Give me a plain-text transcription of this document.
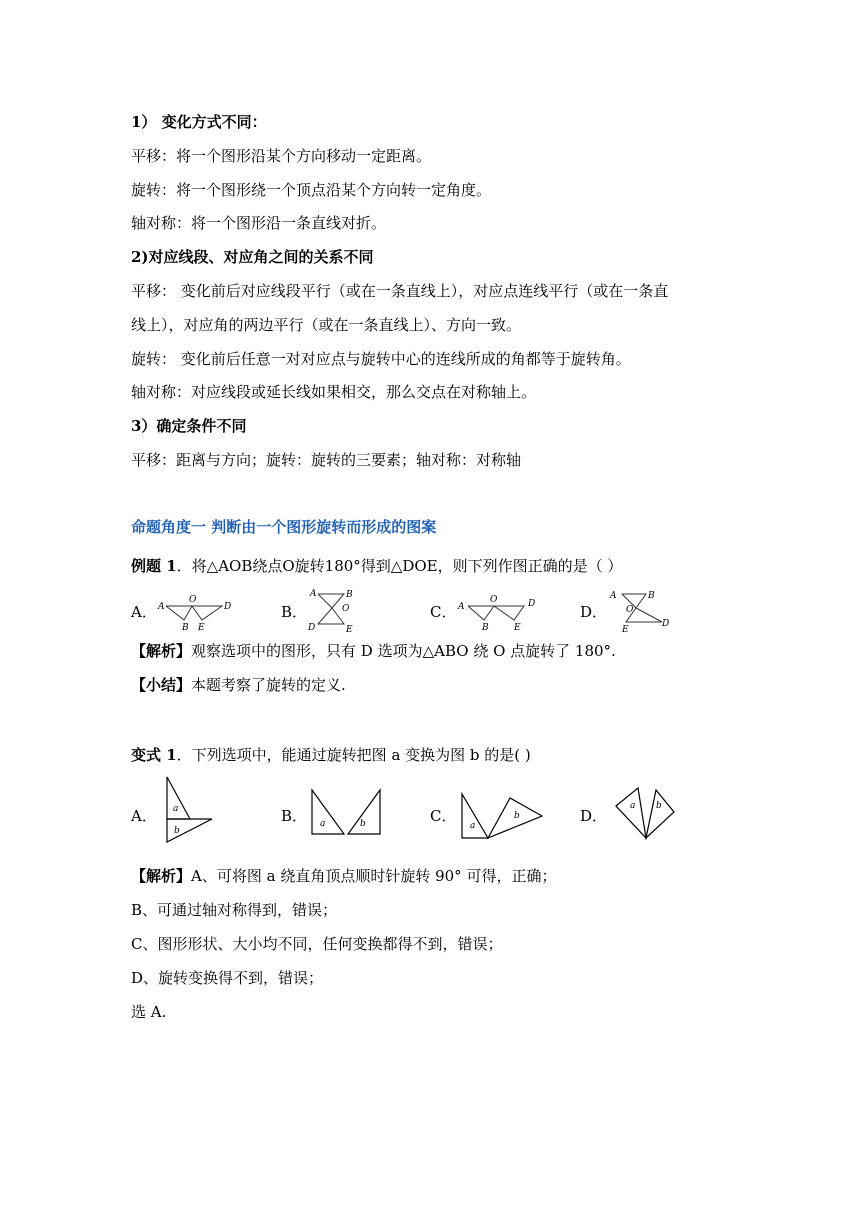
1） 变化方式不同：
平移：将一个图形沿某个方向移动一定距离。
旋转：将一个图形绕一个顶点沿某个方向转一定角度。
轴对称：将一个图形沿一条直线对折。
2)对应线段、对应角之间的关系不同
平移： 变化前后对应线段平行（或在一条直线上），对应点连线平行（或在一条直
线上），对应角的两边平行（或在一条直线上）、方向一致。
旋转： 变化前后任意一对对应点与旋转中心的连线所成的角都等于旋转角。
轴对称：对应线段或延长线如果相交，那么交点在对称轴上。
3）确定条件不同
平移：距离与方向；旋转：旋转的三要素；轴对称：对称轴
命题角度一 判断由一个图形旋转而形成的图案
例题 1．将△AOB绕点O旋转180°得到△DOE，则下列作图正确的是（ ）
A． A
O
D
B E
B．
A	B
O
D	E
C． A
O	D
B	E
D．
A	B
O
D
E
【解析】观察选项中的图形，只有 D 选项为△ABO 绕 O 点旋转了 180°.
【小结】本题考察了旋转的定义.
变式 1．下列选项中，能通过旋转把图 a 变换为图 b 的是( )
A． a
b
B． a	b	C．
a
b	D．
a b
【解析】A、可将图 a 绕直角顶点顺时针旋转 90° 可得，正确；
B、可通过轴对称得到，错误；
C、图形形状、大小均不同，任何变换都得不到，错误；
D、旋转变换得不到，错误；
选 A.
